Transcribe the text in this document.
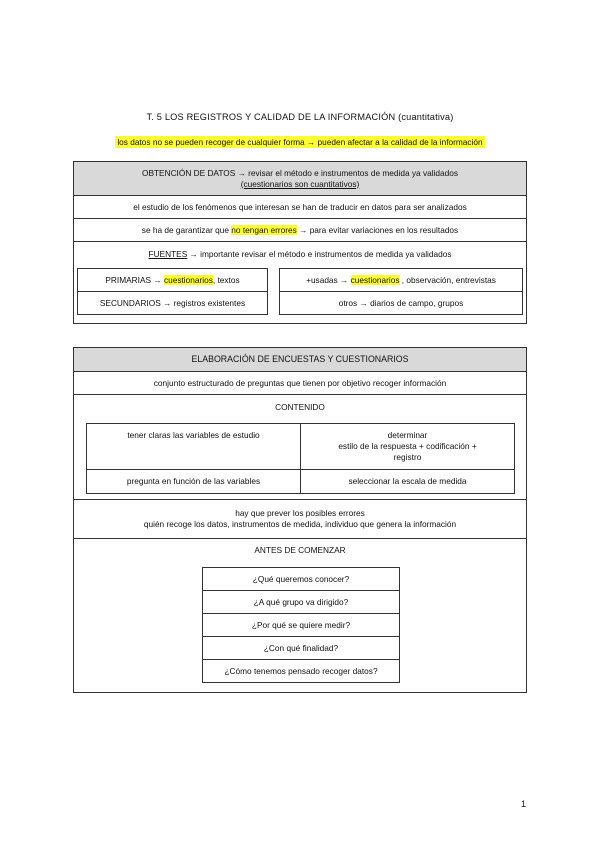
T. 5 LOS REGISTROS Y CALIDAD DE LA INFORMACIÓN (cuantitativa)
los datos no se pueden recoger de cualquier forma → pueden afectar a la calidad de la información
OBTENCIÓN DE DATOS → revisar el método e instrumentos de medida ya validados
(cuestionarios son cuantitativos)
el estudio de los fenómenos que interesan se han de traducir en datos para ser analizados
se ha de garantizar que no tengan errores → para evitar variaciones en los resultados
FUENTES → importante revisar el método e instrumentos de medida ya validados
PRIMARIAS → cuestionarios, textos
SECUNDARIOS → registros existentes
+usadas → cuestionarios , observación, entrevistas
otros → diarios de campo, grupos
ELABORACIÓN DE ENCUESTAS Y CUESTIONARIOS
conjunto estructurado de preguntas que tienen por objetivo recoger información
CONTENIDO
tener claras las variables de estudio	determinar
estilo de la respuesta + codificación +
registro
pregunta en función de las variables	seleccionar la escala de medida
hay que prever los posibles errores
quién recoge los datos, instrumentos de medida, individuo que genera la información
ANTES DE COMENZAR
¿Qué queremos conocer?
¿A qué grupo va dirigido?
¿Por qué se quiere medir?
¿Con qué finalidad?
¿Cómo tenemos pensado recoger datos?
1
